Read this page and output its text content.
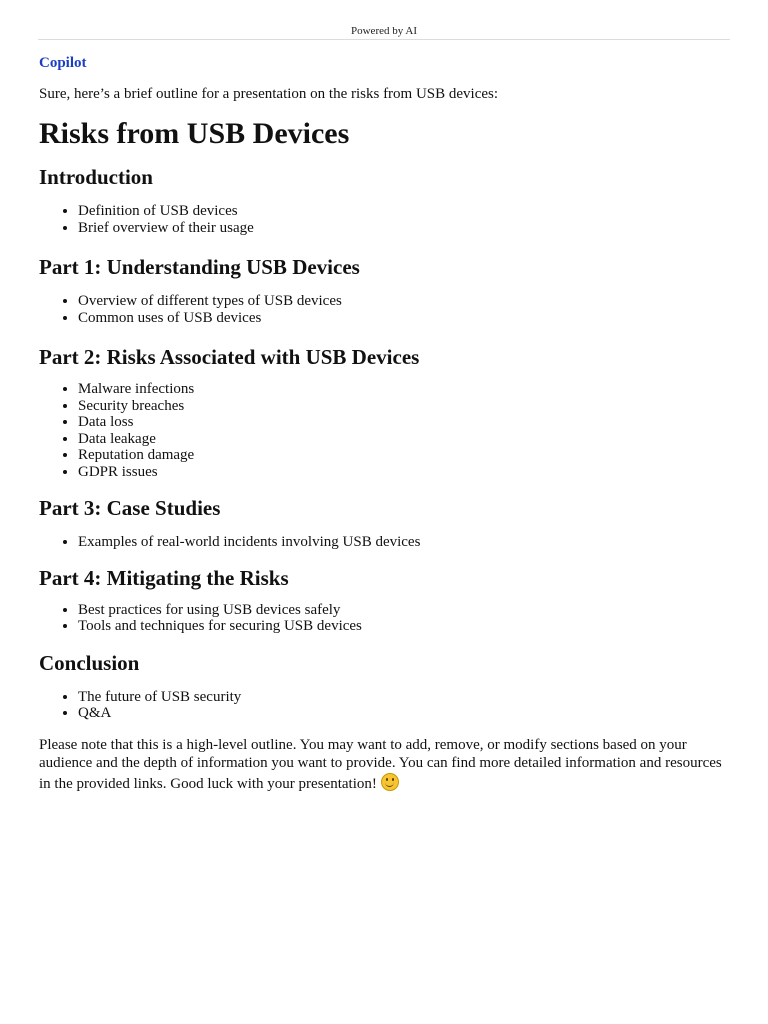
Powered by AI
Copilot

Sure, here’s a brief outline for a presentation on the risks from USB devices:

Risks from USB Devices
Introduction
• Definition of USB devices
• Brief overview of their usage
Part 1: Understanding USB Devices
• Overview of different types of USB devices
• Common uses of USB devices
Part 2: Risks Associated with USB Devices
• Malware infections
• Security breaches
• Data loss
• Data leakage
• Reputation damage
• GDPR issues
Part 3: Case Studies
• Examples of real-world incidents involving USB devices
Part 4: Mitigating the Risks
• Best practices for using USB devices safely
• Tools and techniques for securing USB devices
Conclusion
• The future of USB security
• Q&A

Please note that this is a high-level outline. You may want to add, remove, or modify sections based on your audience and the depth of information you want to provide. You can find more detailed information and resources in the provided links. Good luck with your presentation!
